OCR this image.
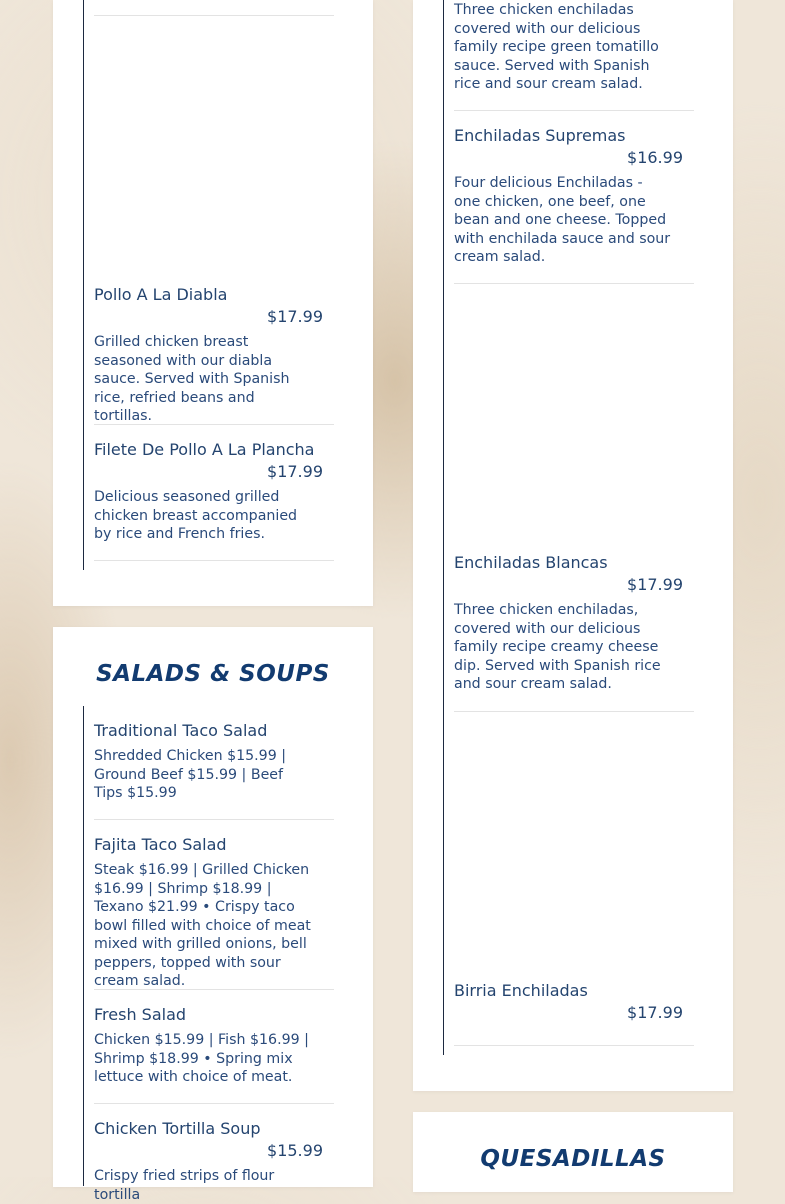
Pollo A La Diabla
$17.99
Grilled chicken breast seasoned with our diabla sauce. Served with Spanish rice, refried beans and tortillas.
Filete De Pollo A La Plancha
$17.99
Delicious seasoned grilled chicken breast accompanied by rice and French fries.
SALADS & SOUPS
Traditional Taco Salad
Shredded Chicken $15.99 | Ground Beef $15.99 | Beef Tips $15.99
Fajita Taco Salad
Steak $16.99 | Grilled Chicken $16.99 | Shrimp $18.99 | Texano $21.99 • Crispy taco bowl filled with choice of meat mixed with grilled onions, bell peppers, topped with sour cream salad.
Fresh Salad
Chicken $15.99 | Fish $16.99 | Shrimp $18.99 • Spring mix lettuce with choice of meat.
Chicken Tortilla Soup
$15.99
Crispy fried strips of flour tortilla
Three chicken enchiladas covered with our delicious family recipe green tomatillo sauce. Served with Spanish rice and sour cream salad.
Enchiladas Supremas
$16.99
Four delicious Enchiladas - one chicken, one beef, one bean and one cheese. Topped with enchilada sauce and sour cream salad.
Enchiladas Blancas
$17.99
Three chicken enchiladas, covered with our delicious family recipe creamy cheese dip. Served with Spanish rice and sour cream salad.
Birria Enchiladas
$17.99
QUESADILLAS
